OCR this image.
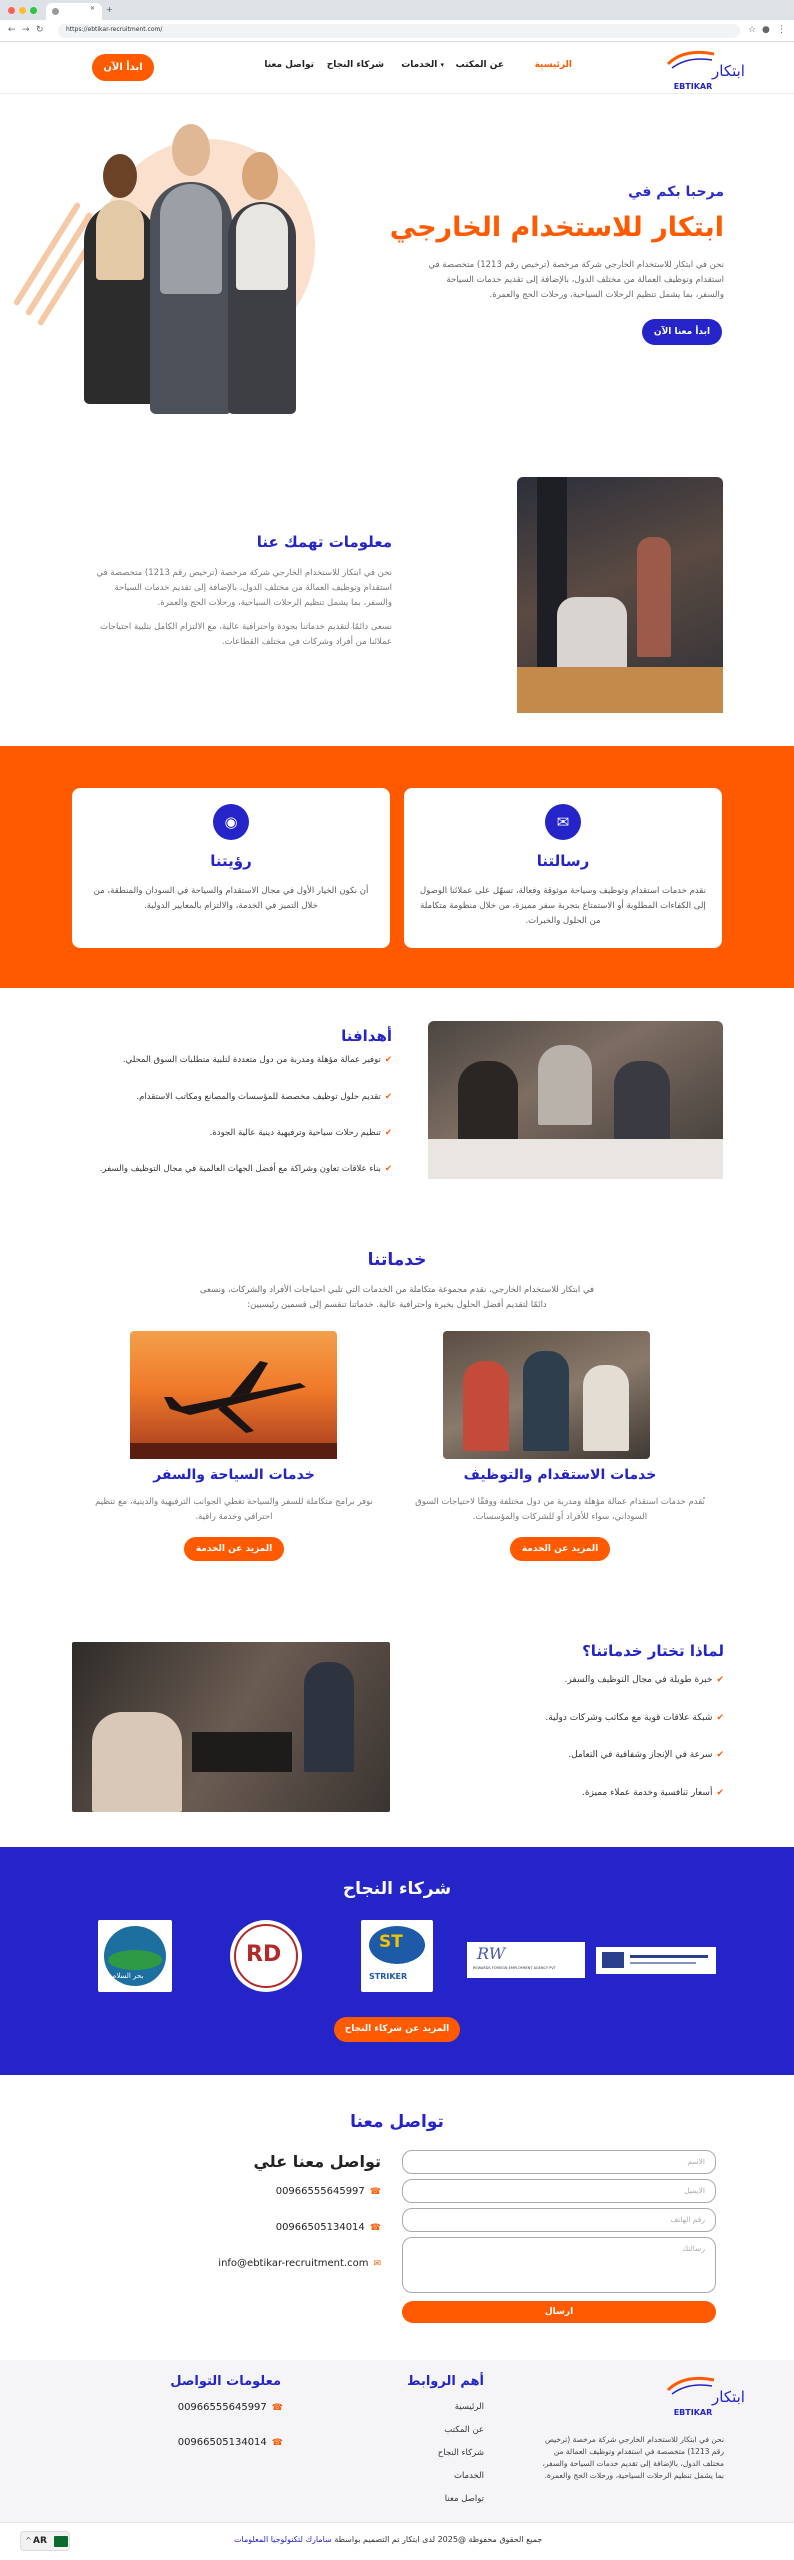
✕ +
← → ↻	https://ebtikar-recruitment.com/	☆ ● ⋮
ابتكار
EBTIKAR
الرئيسية
عن المكتب
الخدمات ▾
شركاء النجاح
تواصل معنا
ابدأ الآن
مرحبا بكم في
ابتكار للاستخدام الخارجي
نحن في ابتكار للاستخدام الخارجي شركة مرخصة (ترخيص رقم 1213) متخصصة في استقدام وتوظيف العمالة من مختلف الدول، بالإضافة إلى تقديم خدمات السياحة والسفر، بما يشمل تنظيم الرحلات السياحية، ورحلات الحج والعمرة.
ابدأ معنا الآن
معلومات تهمك عنا
نحن في ابتكار للاستخدام الخارجي شركة مرخصة (ترخيص رقم 1213) متخصصة في استقدام وتوظيف العمالة من مختلف الدول، بالإضافة إلى تقديم خدمات السياحة والسفر، بما يشمل تنظيم الرحلات السياحية، ورحلات الحج والعمرة.
نسعى دائمًا لتقديم خدماتنا بجودة واحترافية عالية، مع الالتزام الكامل بتلبية احتياجات عملائنا من أفراد وشركات في مختلف القطاعات.
✉
رسالتنا
نقدم خدمات استقدام وتوظيف وسياحة موثوقة وفعالة، تسهّل على عملائنا الوصول إلى الكفاءات المطلوبة أو الاستمتاع بتجربة سفر مميزة، من خلال منظومة متكاملة من الحلول والخبرات.
◉
رؤيتنا
أن نكون الخيار الأول في مجال الاستقدام والسياحة في السودان والمنطقة، من خلال التميز في الخدمة، والالتزام بالمعايير الدولية.
أهدافنا
✔توفير عمالة مؤهلة ومدربة من دول متعددة لتلبية متطلبات السوق المحلي.
✔تقديم حلول توظيف مخصصة للمؤسسات والمصانع ومكاتب الاستقدام.
✔تنظيم رحلات سياحية وترفيهية دينية عالية الجودة.
✔بناء علاقات تعاون وشراكة مع أفضل الجهات العالمية في مجال التوظيف والسفر.
خدماتنا
في ابتكار للاستخدام الخارجي، نقدم مجموعة متكاملة من الخدمات التي تلبي احتياجات الأفراد والشركات، ونسعى دائمًا لتقديم أفضل الحلول بخبرة واحترافية عالية. خدماتنا تنقسم إلى قسمين رئيسيين:
خدمات الاستقدام والتوظيف
خدمات السياحة والسفر
نُقدم خدمات استقدام عمالة مؤهلة ومدربة من دول مختلفة ووفقًا لاحتياجات السوق السوداني، سواء للأفراد أو للشركات والمؤسسات.
نوفر برامج متكاملة للسفر والسياحة تغطي الجوانب الترفيهية والدينية، مع تنظيم احترافي وخدمة راقية.
المزيد عن الخدمة
المزيد عن الخدمة
لماذا تختار خدماتنا؟
✔خبرة طويلة في مجال التوظيف والسفر.
✔شبكة علاقات قوية مع مكاتب وشركات دولية.
✔سرعة في الإنجاز وشفافية في التعامل.
✔أسعار تنافسية وخدمة عملاء مميزة.
شركاء النجاح
بحر السلام
RD	ST
STRIKER
RW
REWARDS FOREIGN EMPLOYMENT AGENCY PVT
المزيد عن شركاء النجاح
تواصل معنا
الاسم
الايميل
رقم الهاتف
رسالتك
ارسال
تواصل معنا علي
00966555645997 ☎
00966505134014 ☎
info@ebtikar-recruitment.com ✉
ابتكار
EBTIKAR
نحن في ابتكار للاستخدام الخارجي شركة مرخصة (ترخيص رقم 1213) متخصصة في استقدام وتوظيف العمالة من مختلف الدول، بالإضافة إلى تقديم خدمات السياحة والسفر، بما يشمل تنظيم الرحلات السياحية، ورحلات الحج والعمرة.
أهم الروابط
الرئيسية
عن المكتب
شركاء النجاح
الخدمات
تواصل معنا
معلومات التواصل
00966555645997 ☎
00966505134014 ☎
^ AR	جميع الحقوق محفوظة @2025 لدى ابتكار تم التصميم بواسطة سامارك لتكنولوجيا المعلومات
